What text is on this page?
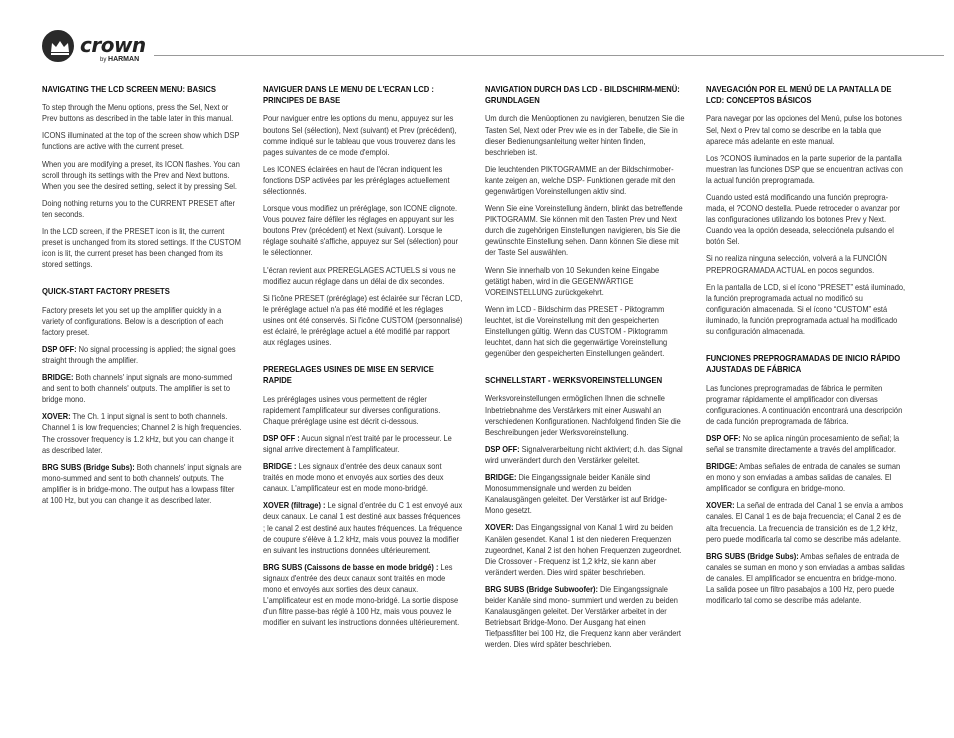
crown
by HARMAN
NAVIGATING THE LCD SCREEN MENU: BASICS

To step through the Menu options, press the Sel, Next or Prev buttons as described in the table later in this manual.

ICONS illuminated at the top of the screen show which DSP functions are active with the current preset.

When you are modifying a preset, its ICON flashes. You can scroll through its settings with the Prev and Next buttons. When you see the desired setting, select it by pressing Sel.

Doing nothing returns you to the CURRENT PRESET after ten seconds.

In the LCD screen, if the PRESET icon is lit, the current preset is unchanged from its stored settings. If the CUSTOM icon is lit, the current preset has been changed from its stored settings.

QUICK-START FACTORY PRESETS

Factory presets let you set up the amplifier quickly in a variety of configurations. Below is a description of each factory preset.

DSP OFF: No signal processing is applied; the signal goes straight through the amplifier.

BRIDGE: Both channels' input signals are mono-summed and sent to both channels' outputs. The amplifier is set to bridge mono.

XOVER: The Ch. 1 input signal is sent to both channels. Channel 1 is low frequencies; Channel 2 is high frequencies. The crossover frequency is 1.2 kHz, but you can change it as described later.

BRG SUBS (Bridge Subs): Both channels' input signals are mono-summed and sent to both channels' outputs. The amplifier is in bridge-mono. The output has a lowpass filter at 100 Hz, but you can change it as described later.

NAVIGUER DANS LE MENU DE L'ECRAN LCD : PRINCIPES DE BASE

Pour naviguer entre les options du menu, appuyez sur les boutons Sel (sélection), Next (suivant) et Prev (précédent), comme indiqué sur le tableau que vous trouverez dans les pages suivantes de ce mode d'emploi.

Les ICONES éclairées en haut de l'écran indiquent les fonctions DSP activées par les préréglages actuellement sélectionnés.

Lorsque vous modifiez un préréglage, son ICONE clignote. Vous pouvez faire défiler les réglages en appuyant sur les boutons Prev (précédent) et Next (suivant). Lorsque le réglage souhaité s'affiche, appuyez sur Sel (sélection) pour le sélectionner.

L'écran revient aux PREREGLAGES ACTUELS si vous ne modifiez aucun réglage dans un délai de dix secondes.

Si l'icône PRESET (préréglage) est éclairée sur l'écran LCD, le préréglage actuel n'a pas été modifié et les réglages usines ont été conservés. Si l'icône CUSTOM (personnalisé) est éclairé, le préréglage actuel a été modifié par rapport aux réglages usines.

PREREGLAGES USINES DE MISE EN SERVICE RAPIDE

Les préréglages usines vous permettent de régler rapidement l'amplificateur sur diverses configurations. Chaque préréglage usine est décrit ci-dessous.

DSP OFF : Aucun signal n'est traité par le processeur. Le signal arrive directement à l'amplificateur.

BRIDGE : Les signaux d'entrée des deux canaux sont traités en mode mono et envoyés aux sorties des deux canaux. L'amplificateur est en mode mono-bridgé.

XOVER (filtrage) : Le signal d'entrée du C 1 est envoyé aux deux canaux. Le canal 1 est destiné aux basses fréquences ; le canal 2 est destiné aux hautes fréquences. La fréquence de coupure s'élève à 1.2 kHz, mais vous pouvez la modifier en suivant les instructions données ultérieurement.

BRG SUBS (Caissons de basse en mode bridgé) : Les signaux d'entrée des deux canaux sont traités en mode mono et envoyés aux sorties des deux canaux. L'amplificateur est en mode mono-bridgé. La sortie dispose d'un filtre passe-bas réglé à 100 Hz, mais vous pouvez le modifier en suivant les instructions données ultérieurement.

NAVIGATION DURCH DAS LCD - BILDSCHIRM-MENÜ: GRUNDLAGEN

Um durch die Menüoptionen zu navigieren, benutzen Sie die Tasten Sel, Next oder Prev wie es in der Tabelle, die Sie in dieser Bedienungsanleitung weiter hinten finden, beschrieben ist.

Die leuchtenden PIKTOGRAMME an der Bildschirmober-kante zeigen an, welche DSP- Funktionen gerade mit den gegenwärtigen Voreinstellungen aktiv sind.

Wenn Sie eine Voreinstellung ändern, blinkt das betreffende PIKTOGRAMM. Sie können mit den Tasten Prev und Next durch die zugehörigen Einstellungen navigieren, bis Sie die gewünschte Einstellung sehen. Dann können Sie diese mit der Taste Sel auswählen.

Wenn Sie innerhalb von 10 Sekunden keine Eingabe getätigt haben, wird in die GEGENWÄRTIGE VOREINSTELLUNG zurückgekehrt.

Wenn im LCD - Bildschirm das PRESET - Piktogramm leuchtet, ist die Voreinstellung mit den gespeicherten Einstellungen gültig. Wenn das CUSTOM - Piktogramm leuchtet, dann hat sich die gegenwärtige Voreinstellung gegenüber den gespeicherten Einstellungen geändert.

SCHNELLSTART - WERKSVOREINSTELLUNGEN

Werksvoreinstellungen ermöglichen Ihnen die schnelle Inbetriebnahme des Verstärkers mit einer Auswahl an verschiedenen Konfigurationen. Nachfolgend finden Sie die Beschreibungen jeder Werksvoreinstellung.

DSP OFF: Signalverarbeitung nicht aktiviert; d.h. das Signal wird unverändert durch den Verstärker geleitet.

BRIDGE: Die Eingangssignale beider Kanäle sind Monosummensignale und werden zu beiden Kanalausgängen geleitet. Der Verstärker ist auf Bridge-Mono gesetzt.

XOVER: Das Eingangssignal von Kanal 1 wird zu beiden Kanälen gesendet. Kanal 1 ist den niederen Frequenzen zugeordnet, Kanal 2 ist den hohen Frequenzen zugeordnet. Die Crossover - Frequenz ist 1,2 kHz, sie kann aber verändert werden. Dies wird später beschrieben.

BRG SUBS (Bridge Subwoofer): Die Eingangssignale beider Kanäle sind mono- summiert und werden zu beiden Kanalausgängen geleitet. Der Verstärker arbeitet in der Betriebsart Bridge-Mono. Der Ausgang hat einen Tiefpassfilter bei 100 Hz, die Frequenz kann aber verändert werden. Dies wird später beschrieben.

NAVEGACIÓN POR EL MENÚ DE LA PANTALLA DE LCD: CONCEPTOS BÁSICOS

Para navegar por las opciones del Menú, pulse los botones Sel, Next o Prev tal como se describe en la tabla que aparece más adelante en este manual.

Los ?CONOS iluminados en la parte superior de la pantalla muestran las funciones DSP que se encuentran activas con la actual función preprogramada.

Cuando usted está modificando una función preprogra-mada, el ?CONO destella. Puede retroceder o avanzar por las configuraciones utilizando los botones Prev y Next. Cuando vea la opción deseada, selecciónela pulsando el botón Sel.

Si no realiza ninguna selección, volverá a la FUNCIÓN PREPROGRAMADA ACTUAL en pocos segundos.

En la pantalla de LCD, si el ícono “PRESET” está iluminado, la función preprogramada actual no modificó su configuración almacenada. Si el ícono “CUSTOM” está iluminado, la función preprogramada actual ha modificado su configuración almacenada.

FUNCIONES PREPROGRAMADAS DE INICIO RÁPIDO AJUSTADAS DE FÁBRICA

Las funciones preprogramadas de fábrica le permiten programar rápidamente el amplificador con diversas configuraciones. A continuación encontrará una descripción de cada función preprogramada de fábrica.

DSP OFF: No se aplica ningún procesamiento de señal; la señal se transmite directamente a través del amplificador.

BRIDGE: Ambas señales de entrada de canales se suman en mono y son enviadas a ambas salidas de canales. El amplificador se configura en bridge-mono.

XOVER: La señal de entrada del Canal 1 se envía a ambos canales. El Canal 1 es de baja frecuencia; el Canal 2 es de alta frecuencia. La frecuencia de transición es de 1,2 kHz, pero puede modificarla tal como se describe más adelante.

BRG SUBS (Bridge Subs): Ambas señales de entrada de canales se suman en mono y son enviadas a ambas salidas de canales. El amplificador se encuentra en bridge-mono. La salida posee un filtro pasabajos a 100 Hz, pero puede modificarlo tal como se describe más adelante.
